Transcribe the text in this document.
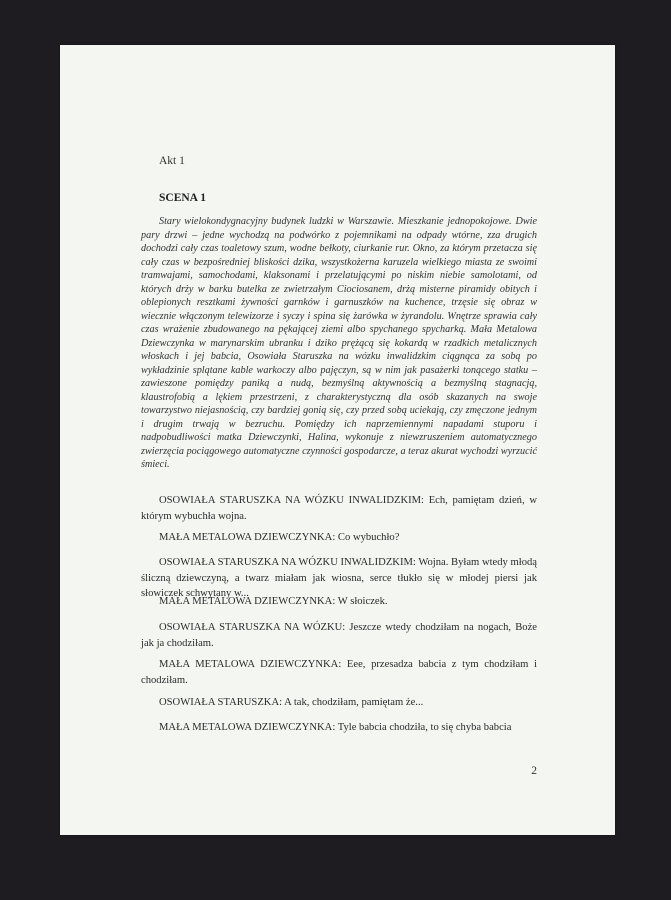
Akt 1
SCENA 1

Stary wielokondygnacyjny budynek ludzki w Warszawie. Mieszkanie jednopokojowe. Dwie pary drzwi – jedne wychodzą na podwórko z pojemnikami na odpady wtórne, zza drugich dochodzi cały czas toaletowy szum, wodne bełkoty, ciurkanie rur. Okno, za którym przetacza się cały czas w bezpośredniej bliskości dzika, wszystkożerna karuzela wielkiego miasta ze swoimi tramwajami, samochodami, klaksonami i przelatującymi po niskim niebie samolotami, od których drży w barku butelka ze zwietrzałym Ciociosanem, drżą misterne piramidy obitych i oblepionych resztkami żywności garnków i garnuszków na kuchence, trzęsie się obraz w wiecznie włączonym telewizorze i syczy i spina się żarówka w żyrandolu. Wnętrze sprawia cały czas wrażenie zbudowanego na pękającej ziemi albo spychanego spycharką. Mała Metalowa Dziewczynka w marynarskim ubranku i dziko prężącą się kokardą w rzadkich metalicznych włoskach i jej babcia, Osowiała Staruszka na wózku inwalidzkim ciągnąca za sobą po wykładzinie splątane kable warkoczy albo pajęczyn, są w nim jak pasażerki tonącego statku – zawieszone pomiędzy paniką a nudą, bezmyślną aktywnością a bezmyślną stagnacją, klaustrofobią a lękiem przestrzeni, z charakterystyczną dla osób skazanych na swoje towarzystwo niejasnością, czy bardziej gonią się, czy przed sobą uciekają, czy zmęczone jednym i drugim trwają w bezruchu. Pomiędzy ich naprzemiennymi napadami stuporu i nadpobudliwości matka Dziewczynki, Halina, wykonuje z niewzruszeniem automatycznego zwierzęcia pociągowego automatyczne czynności gospodarcze, a teraz akurat wychodzi wyrzucić śmieci.

OSOWIAŁA STARUSZKA NA WÓZKU INWALIDZKIM: Ech, pamiętam dzień, w którym wybuchła wojna.

MAŁA METALOWA DZIEWCZYNKA: Co wybuchło?

OSOWIAŁA STARUSZKA NA WÓZKU INWALIDZKIM: Wojna. Byłam wtedy młodą śliczną dziewczyną, a twarz miałam jak wiosna, serce tłukło się w młodej piersi jak słowiczek schwytany w...

MAŁA METALOWA DZIEWCZYNKA: W słoiczek.

OSOWIAŁA STARUSZKA NA WÓZKU: Jeszcze wtedy chodziłam na nogach, Boże jak ja chodziłam.

MAŁA METALOWA DZIEWCZYNKA: Eee, przesadza babcia z tym chodziłam i chodziłam.

OSOWIAŁA STARUSZKA: A tak, chodziłam, pamiętam że...

MAŁA METALOWA DZIEWCZYNKA: Tyle babcia chodziła, to się chyba babcia

2
